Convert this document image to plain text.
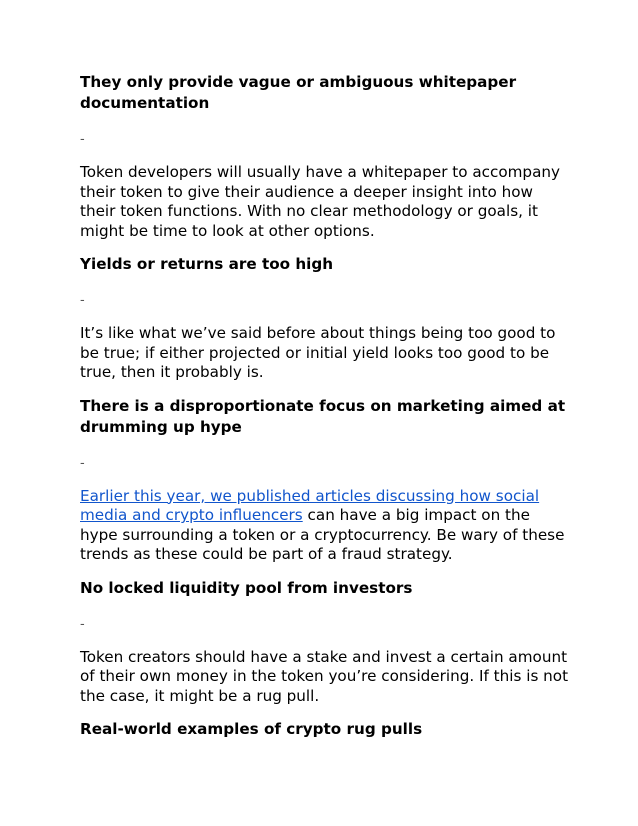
They only provide vague or ambiguous whitepaper documentation

-

Token developers will usually have a whitepaper to accompany their token to give their audience a deeper insight into how their token functions. With no clear methodology or goals, it might be time to look at other options.

Yields or returns are too high

-

It’s like what we’ve said before about things being too good to be true; if either projected or initial yield looks too good to be true, then it probably is.

There is a disproportionate focus on marketing aimed at drumming up hype

-

Earlier this year, we published articles discussing how social media and crypto influencers can have a big impact on the hype surrounding a token or a cryptocurrency. Be wary of these trends as these could be part of a fraud strategy.

No locked liquidity pool from investors

-

Token creators should have a stake and invest a certain amount of their own money in the token you’re considering. If this is not the case, it might be a rug pull.

Real-world examples of crypto rug pulls
